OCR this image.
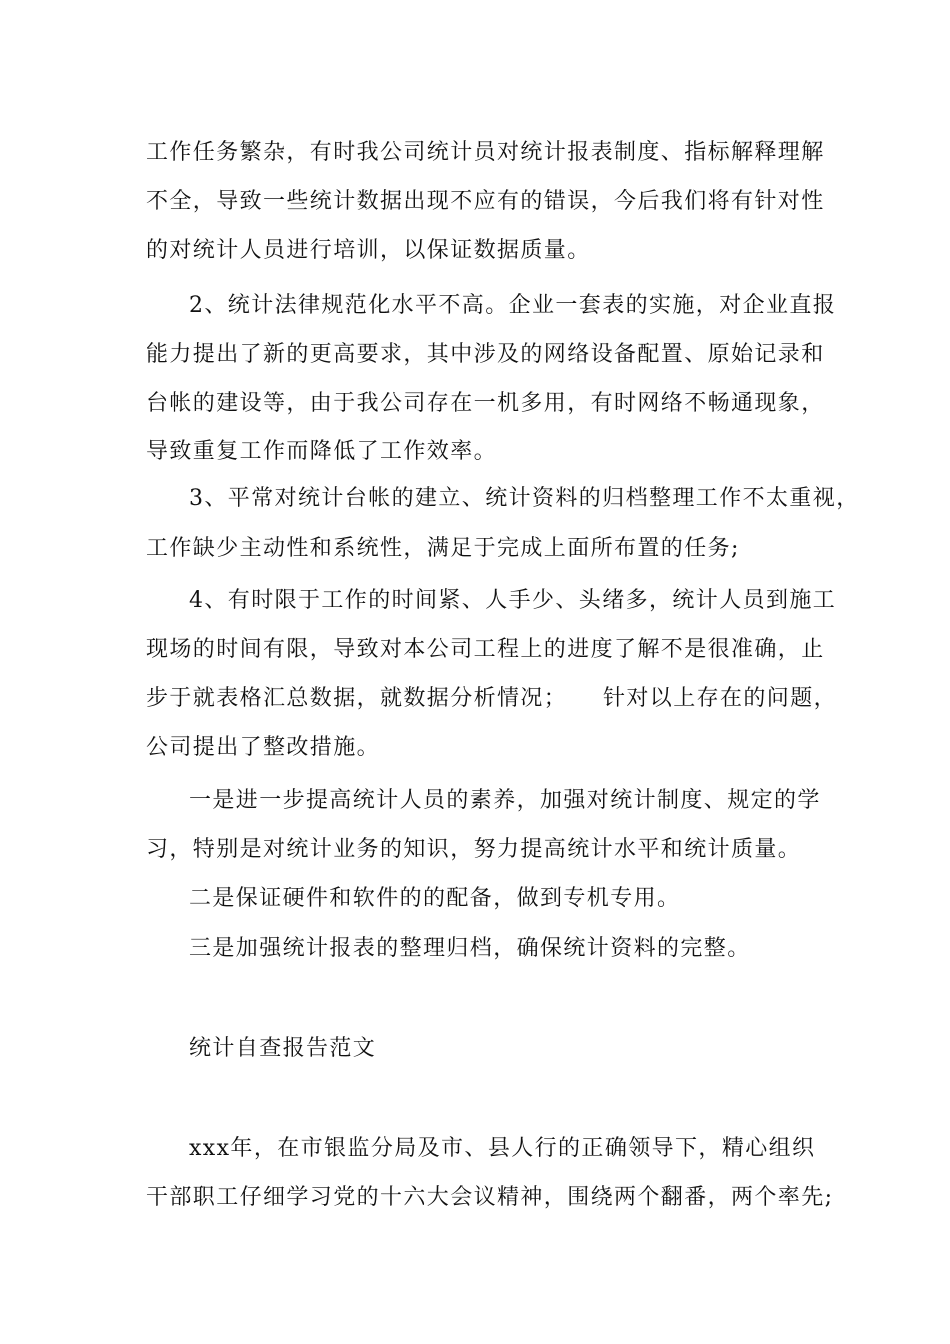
工作任务繁杂，有时我公司统计员对统计报表制度、指标解释理解
不全，导致一些统计数据出现不应有的错误，今后我们将有针对性
的对统计人员进行培训，以保证数据质量。
2、统计法律规范化水平不高。企业一套表的实施，对企业直报
能力提出了新的更高要求，其中涉及的网络设备配置、原始记录和
台帐的建设等，由于我公司存在一机多用，有时网络不畅通现象，
导致重复工作而降低了工作效率。
3、平常对统计台帐的建立、统计资料的归档整理工作不太重视，
工作缺少主动性和系统性，满足于完成上面所布置的任务;
4、有时限于工作的时间紧、人手少、头绪多，统计人员到施工
现场的时间有限，导致对本公司工程上的进度了解不是很准确，止
步于就表格汇总数据，就数据分析情况；　　针对以上存在的问题，
公司提出了整改措施。
一是进一步提高统计人员的素养，加强对统计制度、规定的学
习，特别是对统计业务的知识，努力提高统计水平和统计质量。
二是保证硬件和软件的的配备，做到专机专用。
三是加强统计报表的整理归档，确保统计资料的完整。
统计自查报告范文
xxx年，在市银监分局及市、县人行的正确领导下，精心组织
干部职工仔细学习党的十六大会议精神，围绕两个翻番，两个率先;
